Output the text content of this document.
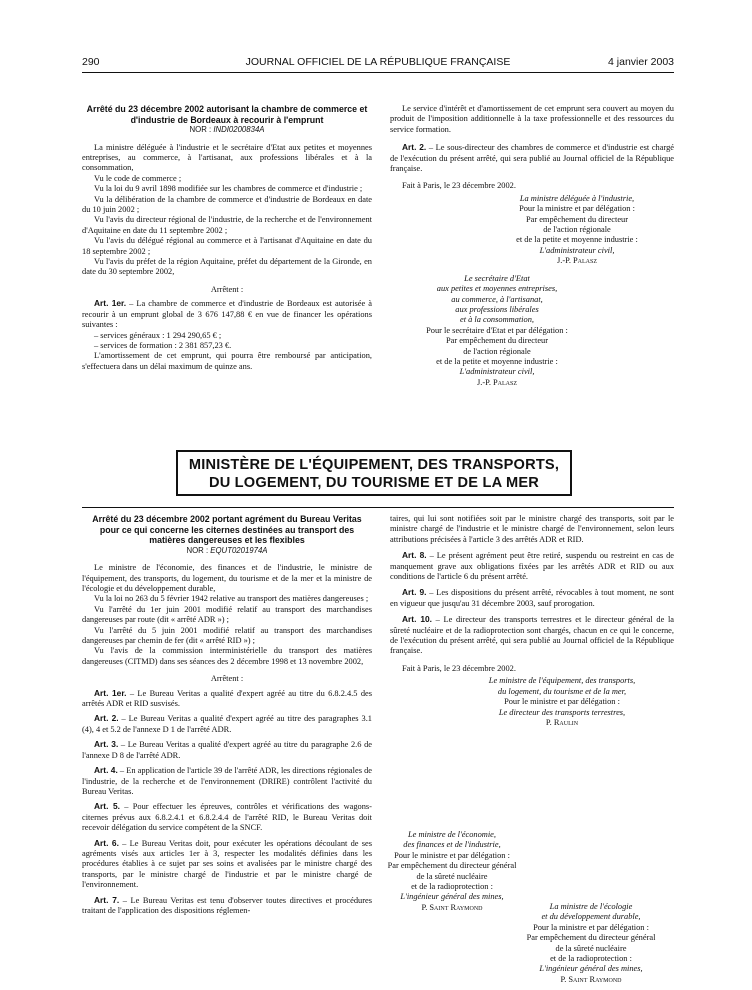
290	JOURNAL OFFICIEL DE LA RÉPUBLIQUE FRANÇAISE	4 janvier 2003

Arrêté du 23 décembre 2002 autorisant la chambre de commerce et d'industrie de Bordeaux à recourir à l'emprunt

NOR : INDI0200834A

La ministre déléguée à l'industrie et le secrétaire d'Etat aux petites et moyennes entreprises, au commerce, à l'artisanat, aux professions libérales et à la consommation,

Vu le code de commerce ;

Vu la loi du 9 avril 1898 modifiée sur les chambres de commerce et d'industrie ;

Vu la délibération de la chambre de commerce et d'industrie de Bordeaux en date du 10 juin 2002 ;

Vu l'avis du directeur régional de l'industrie, de la recherche et de l'environnement d'Aquitaine en date du 11 septembre 2002 ;

Vu l'avis du délégué régional au commerce et à l'artisanat d'Aquitaine en date du 18 septembre 2002 ;

Vu l'avis du préfet de la région Aquitaine, préfet du département de la Gironde, en date du 30 septembre 2002,

Arrêtent :

Art. 1er. – La chambre de commerce et d'industrie de Bordeaux est autorisée à recourir à un emprunt global de 3 676 147,88 € en vue de financer les opérations suivantes :

– services généraux : 1 294 290,65 € ;

– services de formation : 2 381 857,23 €.

L'amortissement de cet emprunt, qui pourra être remboursé par anticipation, s'effectuera dans un délai maximum de quinze ans.

Le service d'intérêt et d'amortissement de cet emprunt sera couvert au moyen du produit de l'imposition additionnelle à la taxe professionnelle et des ressources du service formation.

Art. 2. – Le sous-directeur des chambres de commerce et d'industrie est chargé de l'exécution du présent arrêté, qui sera publié au Journal officiel de la République française.

Fait à Paris, le 23 décembre 2002.

La ministre déléguée à l'industrie,

Pour la ministre et par délégation :

Par empêchement du directeur

de l'action régionale

et de la petite et moyenne industrie :

L'administrateur civil,

J.-P. Palasz

Le secrétaire d'Etat

aux petites et moyennes entreprises,

au commerce, à l'artisanat,

aux professions libérales

et à la consommation,

Pour le secrétaire d'Etat et par délégation :

Par empêchement du directeur

de l'action régionale

et de la petite et moyenne industrie :

L'administrateur civil,

J.-P. Palasz

MINISTÈRE DE L'ÉQUIPEMENT, DES TRANSPORTS,
DU LOGEMENT, DU TOURISME ET DE LA MER

Arrêté du 23 décembre 2002 portant agrément du Bureau Veritas pour ce qui concerne les citernes destinées au transport des matières dangereuses et les flexibles

NOR : EQUT0201974A

Le ministre de l'économie, des finances et de l'industrie, le ministre de l'équipement, des transports, du logement, du tourisme et de la mer et la ministre de l'écologie et du développement durable,

Vu la loi no 263 du 5 février 1942 relative au transport des matières dangereuses ;

Vu l'arrêté du 1er juin 2001 modifié relatif au transport des marchandises dangereuses par route (dit « arrêté ADR ») ;

Vu l'arrêté du 5 juin 2001 modifié relatif au transport des marchandises dangereuses par chemin de fer (dit « arrêté RID ») ;

Vu l'avis de la commission interministérielle du transport des matières dangereuses (CITMD) dans ses séances des 2 décembre 1998 et 13 novembre 2002,

Arrêtent :

Art. 1er. – Le Bureau Veritas a qualité d'expert agréé au titre du 6.8.2.4.5 des arrêtés ADR et RID susvisés.

Art. 2. – Le Bureau Veritas a qualité d'expert agréé au titre des paragraphes 3.1 (4), 4 et 5.2 de l'annexe D 1 de l'arrêté ADR.

Art. 3. – Le Bureau Veritas a qualité d'expert agréé au titre du paragraphe 2.6 de l'annexe D 8 de l'arrêté ADR.

Art. 4. – En application de l'article 39 de l'arrêté ADR, les directions régionales de l'industrie, de la recherche et de l'environnement (DRIRE) contrôlent l'activité du Bureau Veritas.

Art. 5. – Pour effectuer les épreuves, contrôles et vérifications des wagons-citernes prévus aux 6.8.2.4.1 et 6.8.2.4.4 de l'arrêté RID, le Bureau Veritas doit recevoir délégation du service compétent de la SNCF.

Art. 6. – Le Bureau Veritas doit, pour exécuter les opérations découlant de ses agréments visés aux articles 1er à 3, respecter les modalités définies dans les procédures établies à ce sujet par ses soins et avalisées par le ministre chargé des transports, par le ministre chargé de l'industrie et par le ministre chargé de l'environnement.

Art. 7. – Le Bureau Veritas est tenu d'observer toutes directives et procédures traitant de l'application des dispositions réglemen-

taires, qui lui sont notifiées soit par le ministre chargé des transports, soit par le ministre chargé de l'industrie et le ministre chargé de l'environnement, selon leurs attributions précisées à l'article 3 des arrêtés ADR et RID.

Art. 8. – Le présent agrément peut être retiré, suspendu ou restreint en cas de manquement grave aux obligations fixées par les arrêtés ADR et RID ou aux conditions de l'article 6 du présent arrêté.

Art. 9. – Les dispositions du présent arrêté, révocables à tout moment, ne sont en vigueur que jusqu'au 31 décembre 2003, sauf prorogation.

Art. 10. – Le directeur des transports terrestres et le directeur général de la sûreté nucléaire et de la radioprotection sont chargés, chacun en ce qui le concerne, de l'exécution du présent arrêté, qui sera publié au Journal officiel de la République française.

Fait à Paris, le 23 décembre 2002.

Le ministre de l'équipement, des transports,

du logement, du tourisme et de la mer,

Pour le ministre et par délégation :

Le directeur des transports terrestres,

P. Raulin

Le ministre de l'économie,

des finances et de l'industrie,

Pour le ministre et par délégation :

Par empêchement du directeur général

de la sûreté nucléaire

et de la radioprotection :

L'ingénieur général des mines,

P. Saint Raymond	La ministre de l'écologie

et du développement durable,

Pour la ministre et par délégation :

Par empêchement du directeur général

de la sûreté nucléaire

et de la radioprotection :

L'ingénieur général des mines,

P. Saint Raymond
